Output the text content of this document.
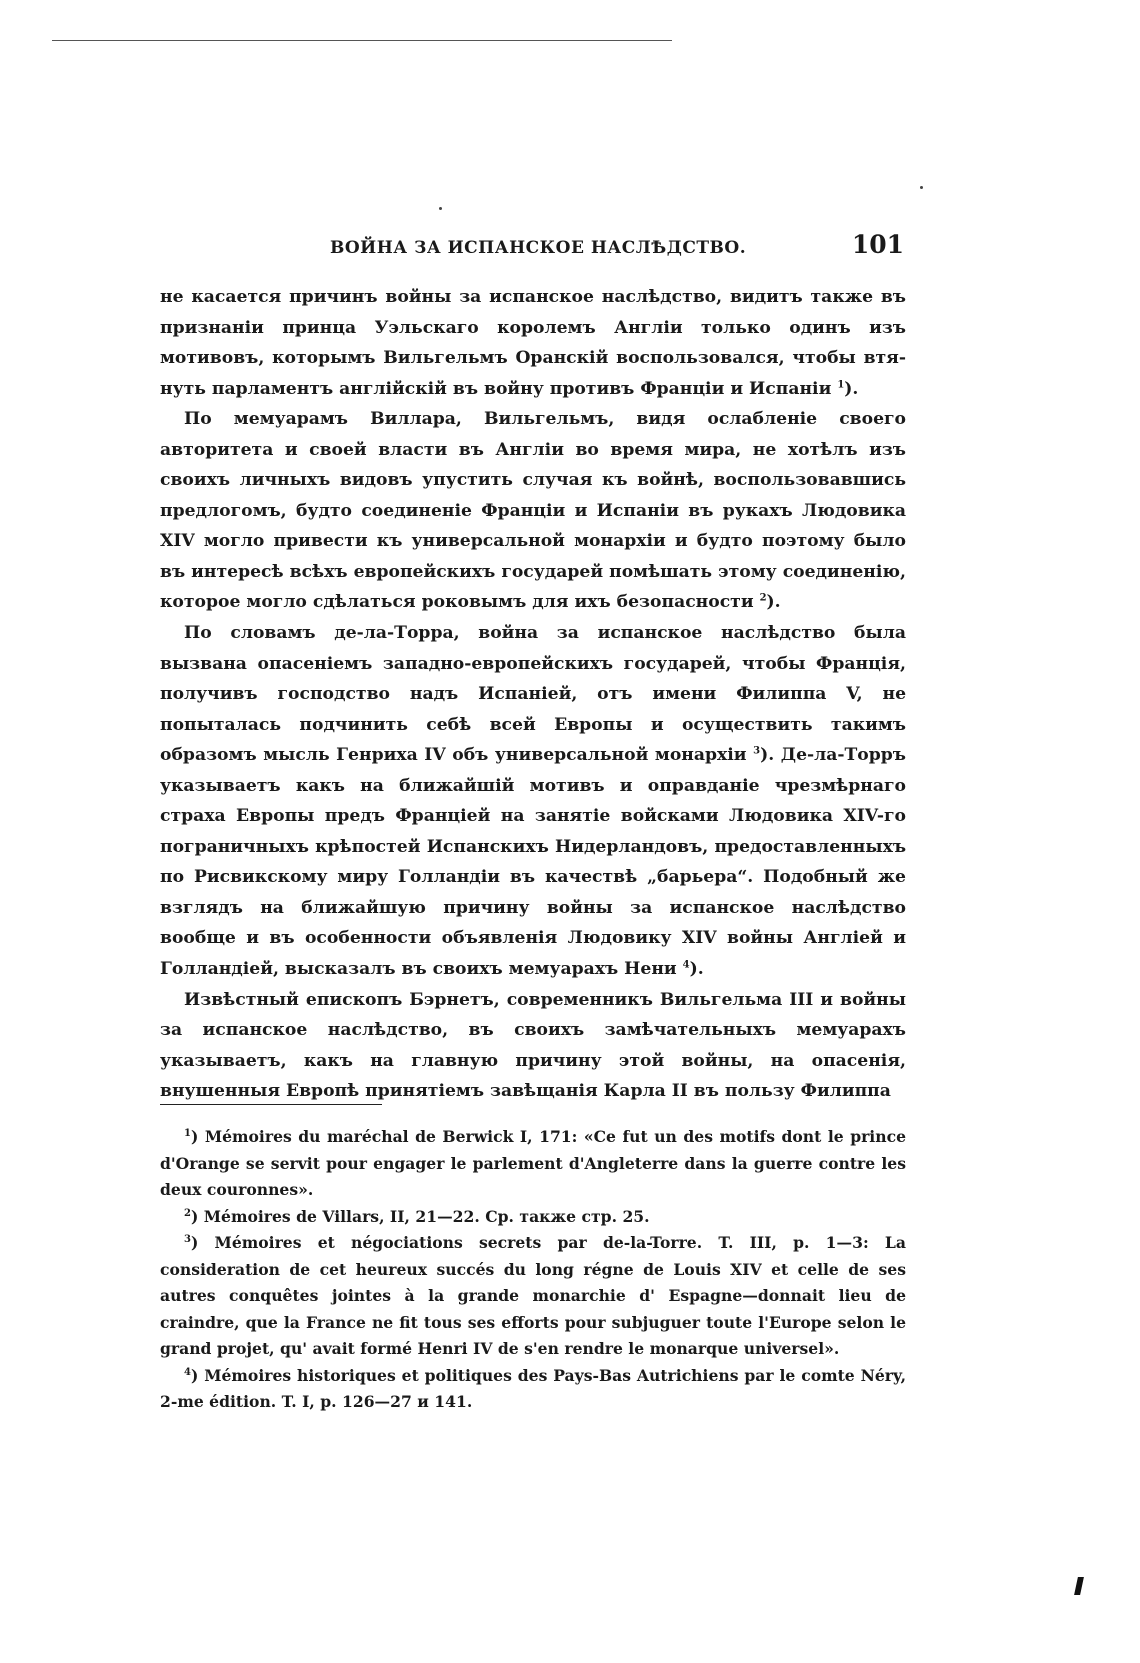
ВОЙНА ЗА ИСПАНСКОЕ НАСЛѢДСТВО.	101

не касается причинъ войны за испанское наслѣдство, видитъ также въ признаніи принца Уэльскаго королемъ Англіи только одинъ изъ мотивовъ, которымъ Вильгельмъ Оранскій воспользовался, чтобы втя-нуть парламентъ англійскій въ войну противъ Франціи и Испаніи $^1$).

По мемуарамъ Виллара, Вильгельмъ, видя ослабленіе своего авторитета и своей власти въ Англіи во время мира, не хотѣлъ изъ своихъ личныхъ видовъ упустить случая къ войнѣ, воспользовавшись предлогомъ, будто соединеніе Франціи и Испаніи въ рукахъ Людовика XIV могло привести къ универсальной монархіи и будто поэтому было въ интересѣ всѣхъ европейскихъ государей помѣшать этому соединенію, которое могло сдѣлаться роковымъ для ихъ безопасности $^2$).

По словамъ де-ла-Торра, война за испанское наслѣдство была вызвана опасеніемъ западно-европейскихъ государей, чтобы Франція, получивъ господство надъ Испаніей, отъ имени Филиппа V, не попыталась подчинить себѣ всей Европы и осуществить такимъ образомъ мысль Генриха IV объ универсальной монархіи $^3$). Де-ла-Торръ указываетъ какъ на ближайшій мотивъ и оправданіе чрезмѣрнаго страха Европы предъ Франціей на занятіе войсками Людовика XIV-го пограничныхъ крѣпостей Испанскихъ Нидерландовъ, предоставленныхъ по Рисвикскому миру Голландіи въ качествѣ „барьера“. Подобный же взглядъ на ближайшую причину войны за испанское наслѣдство вообще и въ особенности объявленія Людовику XIV войны Англіей и Голландіей, высказалъ въ своихъ мемуарахъ Нени $^4$).

Извѣстный епископъ Бэрнетъ, современникъ Вильгельма III и войны за испанское наслѣдство, въ своихъ замѣчательныхъ мемуарахъ указываетъ, какъ на главную причину этой войны, на опасенія, внушенныя Европѣ принятіемъ завѣщанія Карла II въ пользу Филиппа

$^1$) Mémoires du maréchal de Berwick I, 171: «Ce fut un des motifs dont le prince d'Orange se servit pour engager le parlement d'Angleterre dans la guerre contre les deux couronnes».

$^2$) Mémoires de Villars, II, 21—22. Ср. также стр. 25.

$^3$) Mémoires et négociations secrets par de-la-Torre. T. III, p. 1—3: La consideration de cet heureux succés du long régne de Louis XIV et celle de ses autres conquêtes jointes à la grande monarchie d' Espagne—donnait lieu de craindre, que la France ne fit tous ses efforts pour subjuguer toute l'Europe selon le grand projet, qu' avait formé Henri IV de s'en rendre le monarque universel».

$^4$) Mémoires historiques et politiques des Pays-Bas Autrichiens par le comte Néry, 2-me édition. T. I, p. 126—27 и 141.
